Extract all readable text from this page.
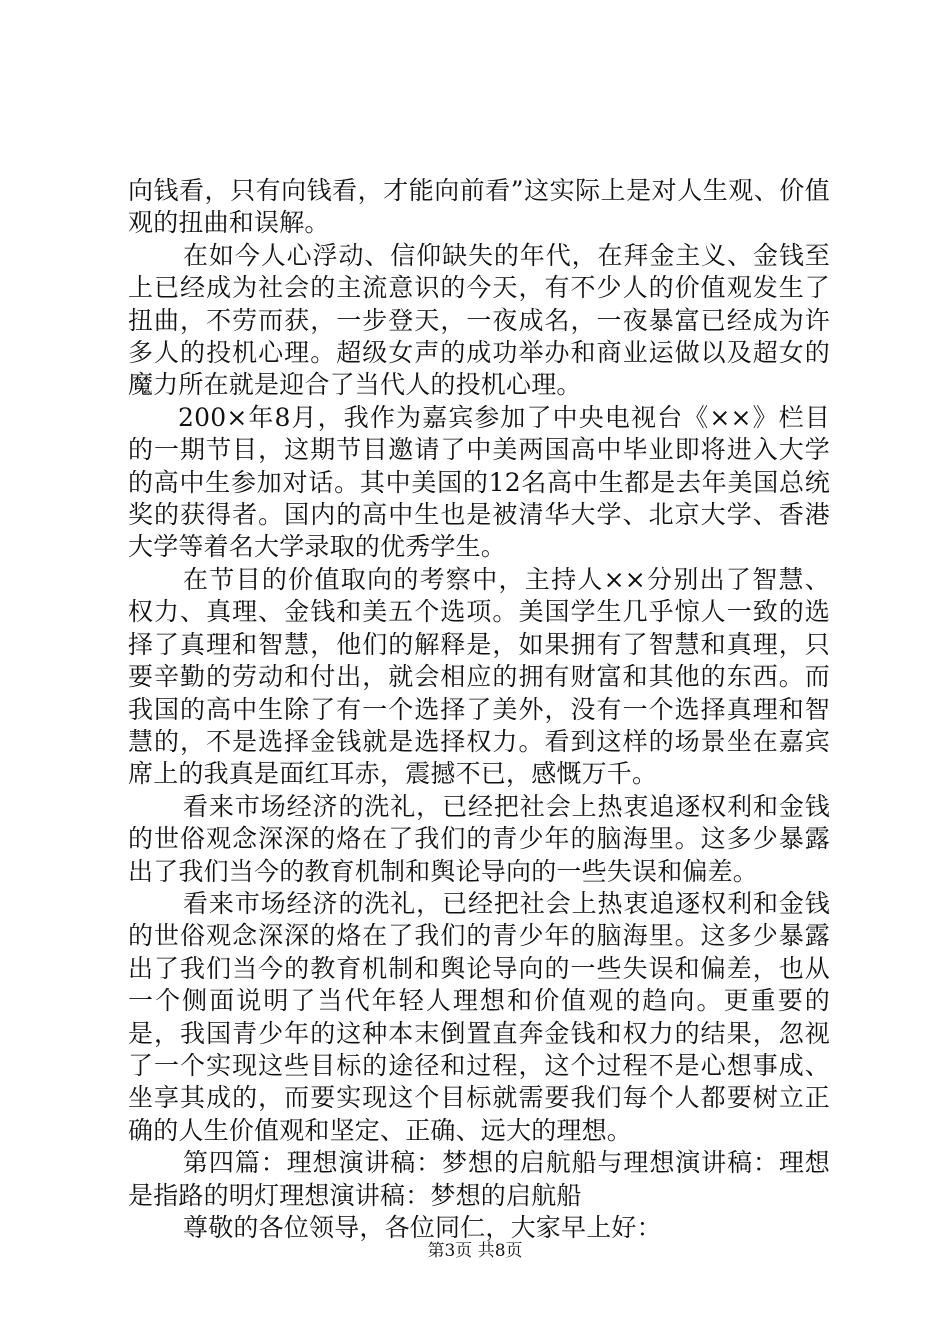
向钱看，只有向钱看，才能向前看”这实际上是对人生观、价值观的扭曲和误解。

在如今人心浮动、信仰缺失的年代，在拜金主义、金钱至上已经成为社会的主流意识的今天，有不少人的价值观发生了扭曲，不劳而获，一步登天，一夜成名，一夜暴富已经成为许多人的投机心理。超级女声的成功举办和商业运做以及超女的魔力所在就是迎合了当代人的投机心理。

200×年8月，我作为嘉宾参加了中央电视台《××》栏目的一期节目，这期节目邀请了中美两国高中毕业即将进入大学的高中生参加对话。其中美国的12名高中生都是去年美国总统奖的获得者。国内的高中生也是被清华大学、北京大学、香港大学等着名大学录取的优秀学生。

在节目的价值取向的考察中，主持人××分别出了智慧、权力、真理、金钱和美五个选项。美国学生几乎惊人一致的选择了真理和智慧，他们的解释是，如果拥有了智慧和真理，只要辛勤的劳动和付出，就会相应的拥有财富和其他的东西。而我国的高中生除了有一个选择了美外，没有一个选择真理和智慧的，不是选择金钱就是选择权力。看到这样的场景坐在嘉宾席上的我真是面红耳赤，震撼不已，感慨万千。

看来市场经济的洗礼，已经把社会上热衷追逐权利和金钱的世俗观念深深的烙在了我们的青少年的脑海里。这多少暴露出了我们当今的教育机制和舆论导向的一些失误和偏差。

看来市场经济的洗礼，已经把社会上热衷追逐权利和金钱的世俗观念深深的烙在了我们的青少年的脑海里。这多少暴露出了我们当今的教育机制和舆论导向的一些失误和偏差，也从一个侧面说明了当代年轻人理想和价值观的趋向。更重要的是，我国青少年的这种本末倒置直奔金钱和权力的结果，忽视了一个实现这些目标的途径和过程，这个过程不是心想事成、坐享其成的，而要实现这个目标就需要我们每个人都要树立正确的人生价值观和坚定、正确、远大的理想。

第四篇：理想演讲稿：梦想的启航船与理想演讲稿：理想是指路的明灯理想演讲稿：梦想的启航船

尊敬的各位领导，各位同仁，大家早上好：

第3页 共8页
